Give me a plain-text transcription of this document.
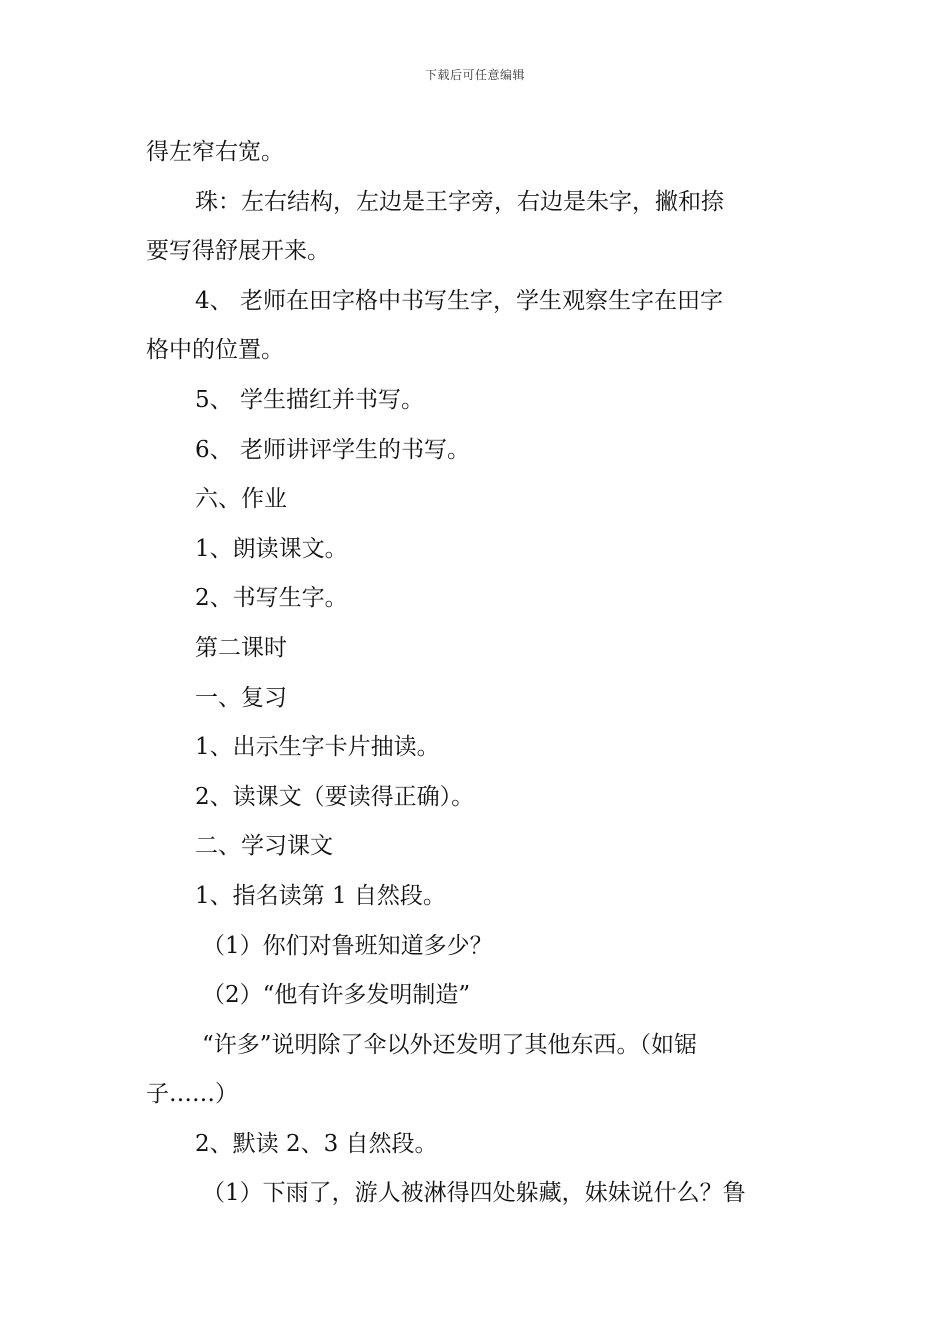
下载后可任意编辑
得左窄右宽。
珠：左右结构，左边是王字旁，右边是朱字，撇和捺
要写得舒展开来。
4、 老师在田字格中书写生字，学生观察生字在田字
格中的位置。
5、 学生描红并书写。
6、 老师讲评学生的书写。
六、作业
1、朗读课文。
2、书写生字。
第二课时
一、复习
1、出示生字卡片抽读。
2、读课文（要读得正确）。
二、学习课文
1、指名读第 1 自然段。
（1）你们对鲁班知道多少？
（2）“他有许多发明制造”
“许多”说明除了伞以外还发明了其他东西。（如锯
子……）
2、默读 2、3 自然段。
（1）下雨了，游人被淋得四处躲藏，妹妹说什么？鲁
